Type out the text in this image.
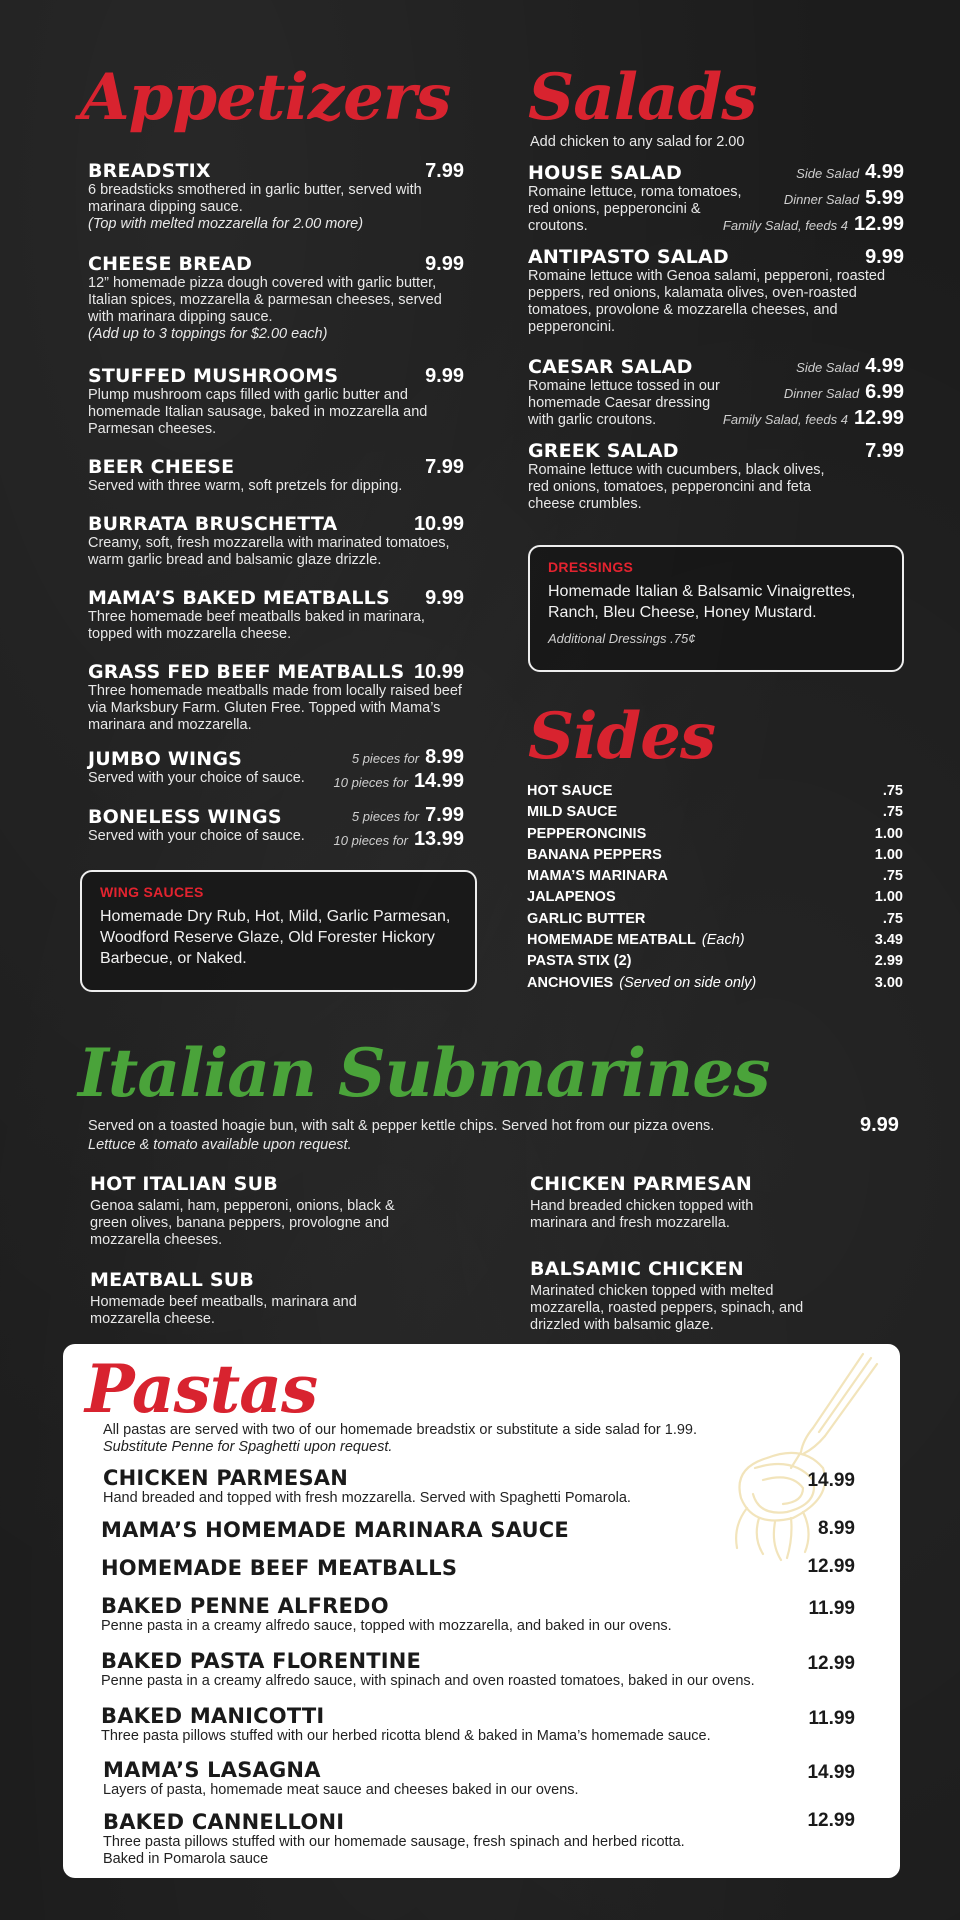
Appetizers
BREADSTIX	7.99
6 breadsticks smothered in garlic butter, served with marinara dipping sauce.
(Top with melted mozzarella for 2.00 more)
CHEESE BREAD	9.99
12” homemade pizza dough covered with garlic butter, Italian spices, mozzarella & parmesan cheeses, served with marinara dipping sauce.
(Add up to 3 toppings for $2.00 each)
STUFFED MUSHROOMS	9.99
Plump mushroom caps filled with garlic butter and homemade Italian sausage, baked in mozzarella and Parmesan cheeses.
BEER CHEESE	7.99
Served with three warm, soft pretzels for dipping.
BURRATA BRUSCHETTA	10.99
Creamy, soft, fresh mozzarella with marinated tomatoes, warm garlic bread and balsamic glaze drizzle.
MAMA’S BAKED MEATBALLS	9.99
Three homemade beef meatballs baked in marinara, topped with mozzarella cheese.
GRASS FED BEEF MEATBALLS 10.99
Three homemade meatballs made from locally raised beef via Marksbury Farm. Gluten Free. Topped with Mama’s marinara and mozzarella.
JUMBO WINGS
Served with your choice of sauce.
5 pieces for 8.99
10 pieces for 14.99
BONELESS WINGS
Served with your choice of sauce.
5 pieces for 7.99
10 pieces for 13.99
WING SAUCES
Homemade Dry Rub, Hot, Mild, Garlic Parmesan, Woodford Reserve Glaze, Old Forester Hickory Barbecue, or Naked.
Salads
Add chicken to any salad for 2.00
HOUSE SALAD
Romaine lettuce, roma tomatoes, red onions, pepperoncini & croutons.
Side Salad 4.99
Dinner Salad 5.99
Family Salad, feeds 4 12.99
ANTIPASTO SALAD	9.99
Romaine lettuce with Genoa salami, pepperoni, roasted peppers, red onions, kalamata olives, oven-roasted tomatoes, provolone & mozzarella cheeses, and pepperoncini.
CAESAR SALAD
Romaine lettuce tossed in our homemade Caesar dressing with garlic croutons.
Side Salad 4.99
Dinner Salad 6.99
Family Salad, feeds 4 12.99
GREEK SALAD	7.99
Romaine lettuce with cucumbers, black olives, red onions, tomatoes, pepperoncini and feta cheese crumbles.
DRESSINGS
Homemade Italian & Balsamic Vinaigrettes, Ranch, Bleu Cheese, Honey Mustard.
Additional Dressings .75¢
Sides
HOT SAUCE	.75
MILD SAUCE	.75
PEPPERONCINIS	1.00
BANANA PEPPERS	1.00
MAMA’S MARINARA	.75
JALAPENOS	1.00
GARLIC BUTTER	.75
HOMEMADE MEATBALL (Each)	3.49
PASTA STIX (2)	2.99
ANCHOVIES (Served on side only)	3.00
Italian Submarines
Served on a toasted hoagie bun, with salt & pepper kettle chips. Served hot from our pizza ovens.
Lettuce & tomato available upon request.
9.99
HOT ITALIAN SUB
Genoa salami, ham, pepperoni, onions, black & green olives, banana peppers, provologne and mozzarella cheeses.
MEATBALL SUB
Homemade beef meatballs, marinara and mozzarella cheese.
CHICKEN PARMESAN
Hand breaded chicken topped with marinara and fresh mozzarella.
BALSAMIC CHICKEN
Marinated chicken topped with melted mozzarella, roasted peppers, spinach, and drizzled with balsamic glaze.
Pastas
All pastas are served with two of our homemade breadstix or substitute a side salad for 1.99.
Substitute Penne for Spaghetti upon request.
CHICKEN PARMESAN
Hand breaded and topped with fresh mozzarella. Served with Spaghetti Pomarola.
14.99
MAMA’S HOMEMADE MARINARA SAUCE	8.99
HOMEMADE BEEF MEATBALLS	12.99
BAKED PENNE ALFREDO
Penne pasta in a creamy alfredo sauce, topped with mozzarella, and baked in our ovens.
11.99
BAKED PASTA FLORENTINE
Penne pasta in a creamy alfredo sauce, with spinach and oven roasted tomatoes, baked in our ovens.
12.99
BAKED MANICOTTI
Three pasta pillows stuffed with our herbed ricotta blend & baked in Mama’s homemade sauce.
11.99
MAMA’S LASAGNA
Layers of pasta, homemade meat sauce and cheeses baked in our ovens.
14.99
BAKED CANNELLONI
Three pasta pillows stuffed with our homemade sausage, fresh spinach and herbed ricotta.
Baked in Pomarola sauce
12.99
